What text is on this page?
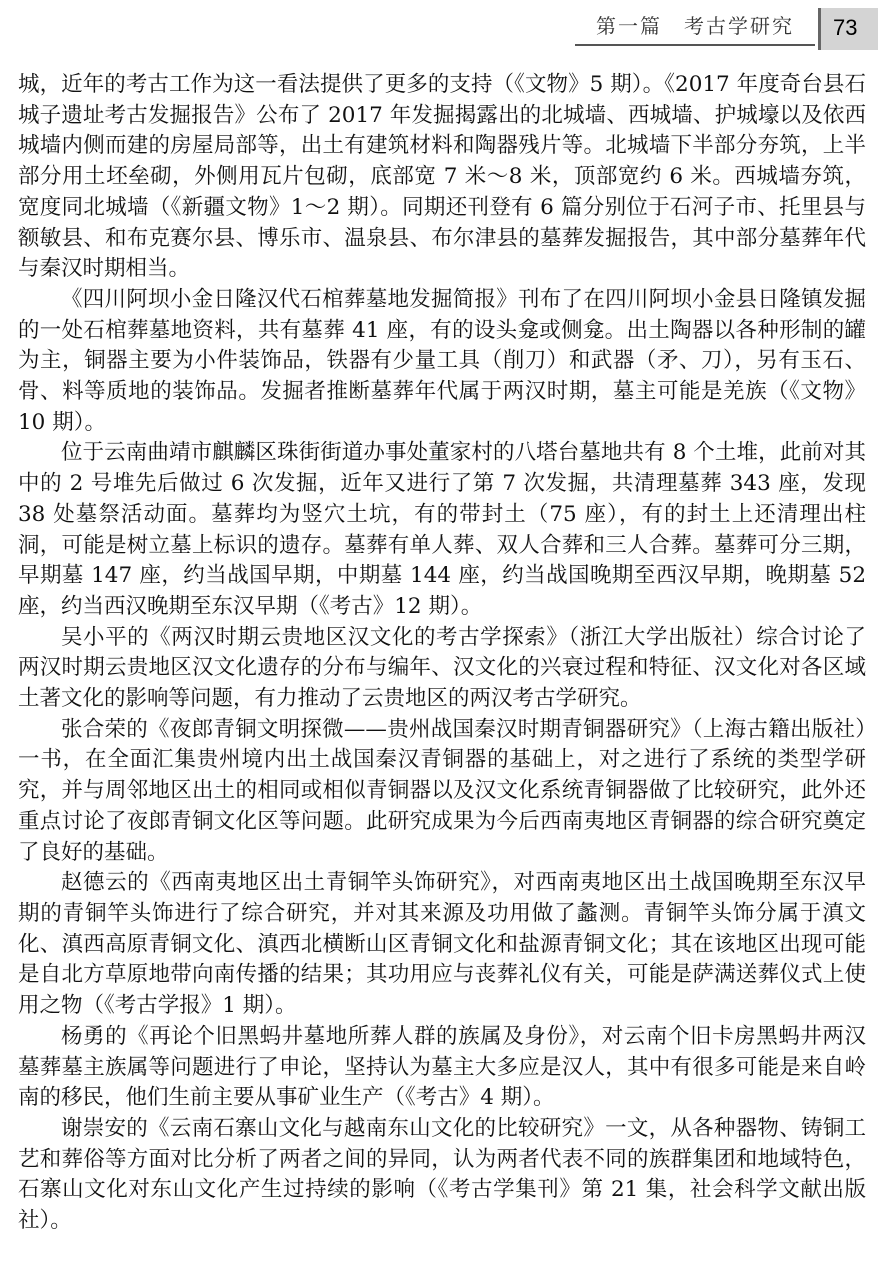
第一篇　考古学研究 73

城，近年的考古工作为这一看法提供了更多的支持（《文物》5 期）。《2017 年度奇台县石城子遗址考古发掘报告》公布了 2017 年发掘揭露出的北城墙、西城墙、护城壕以及依西城墙内侧而建的房屋局部等，出土有建筑材料和陶器残片等。北城墙下半部分夯筑，上半部分用土坯垒砌，外侧用瓦片包砌，底部宽 7 米～8 米，顶部宽约 6 米。西城墙夯筑，宽度同北城墙（《新疆文物》1～2 期）。同期还刊登有 6 篇分别位于石河子市、托里县与额敏县、和布克赛尔县、博乐市、温泉县、布尔津县的墓葬发掘报告，其中部分墓葬年代与秦汉时期相当。

《四川阿坝小金日隆汉代石棺葬墓地发掘简报》刊布了在四川阿坝小金县日隆镇发掘的一处石棺葬墓地资料，共有墓葬 41 座，有的设头龛或侧龛。出土陶器以各种形制的罐为主，铜器主要为小件装饰品，铁器有少量工具（削刀）和武器（矛、刀），另有玉石、骨、料等质地的装饰品。发掘者推断墓葬年代属于两汉时期，墓主可能是羌族（《文物》10 期）。

位于云南曲靖市麒麟区珠街街道办事处董家村的八塔台墓地共有 8 个土堆，此前对其中的 2 号堆先后做过 6 次发掘，近年又进行了第 7 次发掘，共清理墓葬 343 座，发现 38 处墓祭活动面。墓葬均为竖穴土坑，有的带封土（75 座），有的封土上还清理出柱洞，可能是树立墓上标识的遗存。墓葬有单人葬、双人合葬和三人合葬。墓葬可分三期，早期墓 147 座，约当战国早期，中期墓 144 座，约当战国晚期至西汉早期，晚期墓 52 座，约当西汉晚期至东汉早期（《考古》12 期）。

吴小平的《两汉时期云贵地区汉文化的考古学探索》（浙江大学出版社）综合讨论了两汉时期云贵地区汉文化遗存的分布与编年、汉文化的兴衰过程和特征、汉文化对各区域土著文化的影响等问题，有力推动了云贵地区的两汉考古学研究。

张合荣的《夜郎青铜文明探微——贵州战国秦汉时期青铜器研究》（上海古籍出版社）一书，在全面汇集贵州境内出土战国秦汉青铜器的基础上，对之进行了系统的类型学研究，并与周邻地区出土的相同或相似青铜器以及汉文化系统青铜器做了比较研究，此外还重点讨论了夜郎青铜文化区等问题。此研究成果为今后西南夷地区青铜器的综合研究奠定了良好的基础。

赵德云的《西南夷地区出土青铜竿头饰研究》，对西南夷地区出土战国晚期至东汉早期的青铜竿头饰进行了综合研究，并对其来源及功用做了蠡测。青铜竿头饰分属于滇文化、滇西高原青铜文化、滇西北横断山区青铜文化和盐源青铜文化；其在该地区出现可能是自北方草原地带向南传播的结果；其功用应与丧葬礼仪有关，可能是萨满送葬仪式上使用之物（《考古学报》1 期）。

杨勇的《再论个旧黑蚂井墓地所葬人群的族属及身份》，对云南个旧卡房黑蚂井两汉墓葬墓主族属等问题进行了申论，坚持认为墓主大多应是汉人，其中有很多可能是来自岭南的移民，他们生前主要从事矿业生产（《考古》4 期）。

谢崇安的《云南石寨山文化与越南东山文化的比较研究》一文，从各种器物、铸铜工艺和葬俗等方面对比分析了两者之间的异同，认为两者代表不同的族群集团和地域特色，石寨山文化对东山文化产生过持续的影响（《考古学集刊》第 21 集，社会科学文献出版社）。
